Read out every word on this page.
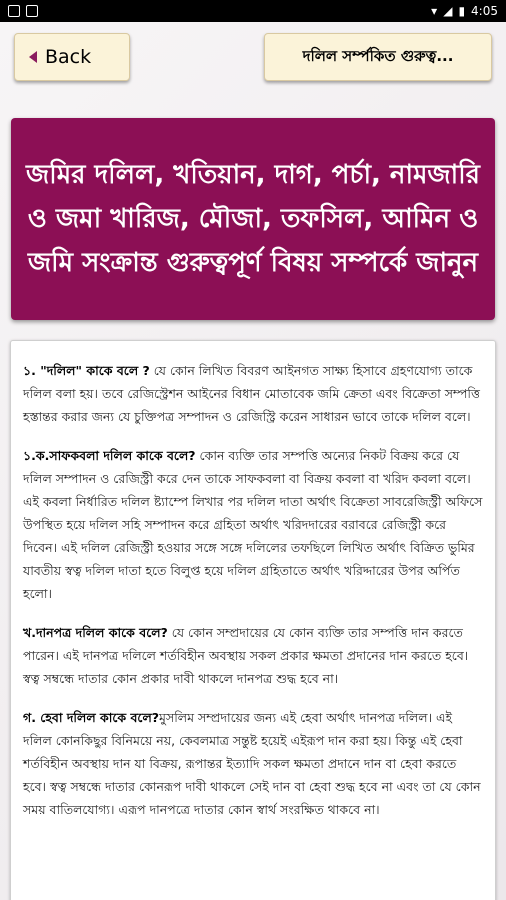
▾ ◢ ▮ 4:05
Back	দলিল সর্ম্পকিত গুরুত্ব...
জমির দলিল, খতিয়ান, দাগ, পর্চা, নামজারি ও জমা খারিজ, মৌজা, তফসিল, আমিন ও জমি সংক্রান্ত গুরুত্বপূর্ণ বিষয় সম্পর্কে জানুন

১. "দলিল" কাকে বলে ? যে কোন লিখিত বিবরণ আইনগত সাক্ষ্য হিসাবে গ্রহণযোগ্য তাকে দলিল বলা হয়। তবে রেজিস্ট্রেশন আইনের বিধান মোতাবেক জমি ক্রেতা এবং বিক্রেতা সম্পত্তি হস্তান্তর করার জন্য যে চুক্তিপত্র সম্পাদন ও রেজিস্ট্রি করেন সাধারন ভাবে তাকে দলিল বলে।

১.ক.সাফকবলা দলিল কাকে বলে? কোন ব্যক্তি তার সম্পত্তি অন্যের নিকট বিক্রয় করে যে দলিল সম্পাদন ও রেজিস্ট্রী করে দেন তাকে সাফকবলা বা বিক্রয় কবলা বা খরিদ কবলা বলে। এই কবলা নির্ধারিত দলিল ষ্ট্যাম্পে লিখার পর দলিল দাতা অর্থাৎ বিক্রেতা সাবরেজিস্ট্রী অফিসে উপস্থিত হয়ে দলিল সহি সম্পাদন করে গ্রহিতা অর্থাৎ খরিদদারের বরাবরে রেজিস্ট্রী করে দিবেন। এই দলিল রেজিস্ট্রী হওয়ার সঙ্গে সঙ্গে দলিলের তফছিলে লিখিত অর্থাৎ বিক্রিত ভুমির যাবতীয় স্বত্ব দলিল দাতা হতে বিলুপ্ত হয়ে দলিল গ্রহিতাতে অর্থাৎ খরিদ্দারের উপর অর্পিত হলো।

খ.দানপত্র দলিল কাকে বলে? যে কোন সম্প্রদায়ের যে কোন ব্যক্তি তার সম্পত্তি দান করতে পারেন। এই দানপত্র দলিলে শর্তবিহীন অবস্থায় সকল প্রকার ক্ষমতা প্রদানের দান করতে হবে। স্বত্ব সম্বন্ধে দাতার কোন প্রকার দাবী থাকলে দানপত্র শুদ্ধ হবে না।

গ. হেবা দলিল কাকে বলে?মুসলিম সম্প্রদায়ের জন্য এই হেবা অর্থাৎ দানপত্র দলিল। এই দলিল কোনকিছুর বিনিময়ে নয়, কেবলমাত্র সন্তুষ্ট হয়েই এইরূপ দান করা হয়। কিন্তু এই হেবা শর্তবিহীন অবস্থায় দান যা বিক্রয়, রূপান্তর ইত্যাদি সকল ক্ষমতা প্রদানে দান বা হেবা করতে হবে। স্বত্ব সম্বন্ধে দাতার কোনরূপ দাবী থাকলে সেই দান বা হেবা শুদ্ধ হবে না এবং তা যে কোন সময় বাতিলযোগ্য। এরূপ দানপত্রে দাতার কোন স্বার্থ সংরক্ষিত থাকবে না।
